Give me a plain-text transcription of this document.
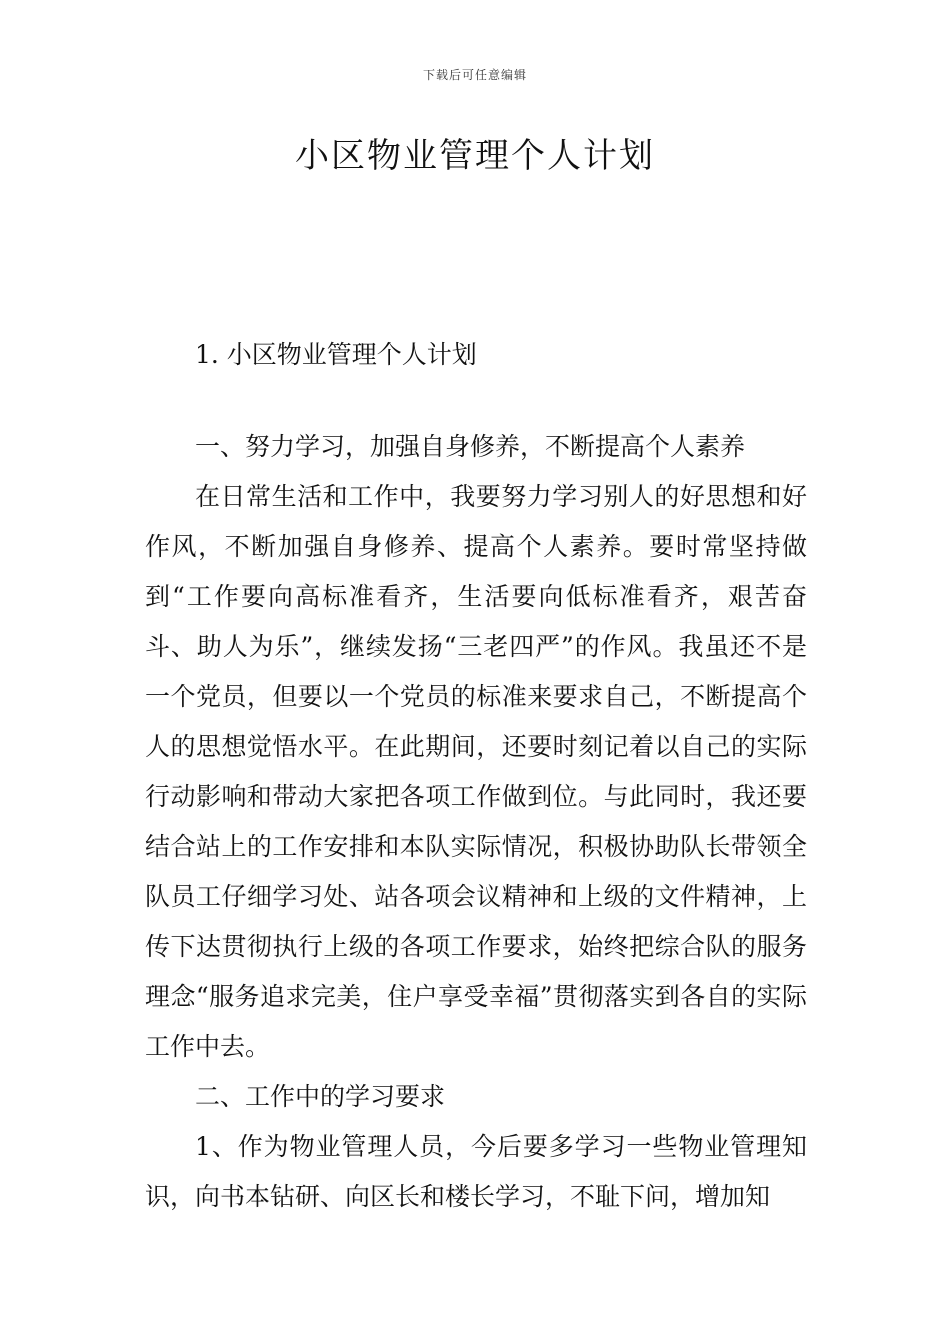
下载后可任意编辑
小区物业管理个人计划

1. 小区物业管理个人计划

一、努力学习，加强自身修养，不断提高个人素养

在日常生活和工作中，我要努力学习别人的好思想和好作风，不断加强自身修养、提高个人素养。要时常坚持做到“工作要向高标准看齐，生活要向低标准看齐，艰苦奋斗、助人为乐”，继续发扬“三老四严”的作风。我虽还不是一个党员，但要以一个党员的标准来要求自己，不断提高个人的思想觉悟水平。在此期间，还要时刻记着以自己的实际行动影响和带动大家把各项工作做到位。与此同时，我还要结合站上的工作安排和本队实际情况，积极协助队长带领全队员工仔细学习处、站各项会议精神和上级的文件精神，上传下达贯彻执行上级的各项工作要求，始终把综合队的服务理念“服务追求完美，住户享受幸福”贯彻落实到各自的实际工作中去。

二、工作中的学习要求

1、作为物业管理人员，今后要多学习一些物业管理知识，向书本钻研、向区长和楼长学习，不耻下问，增加知
